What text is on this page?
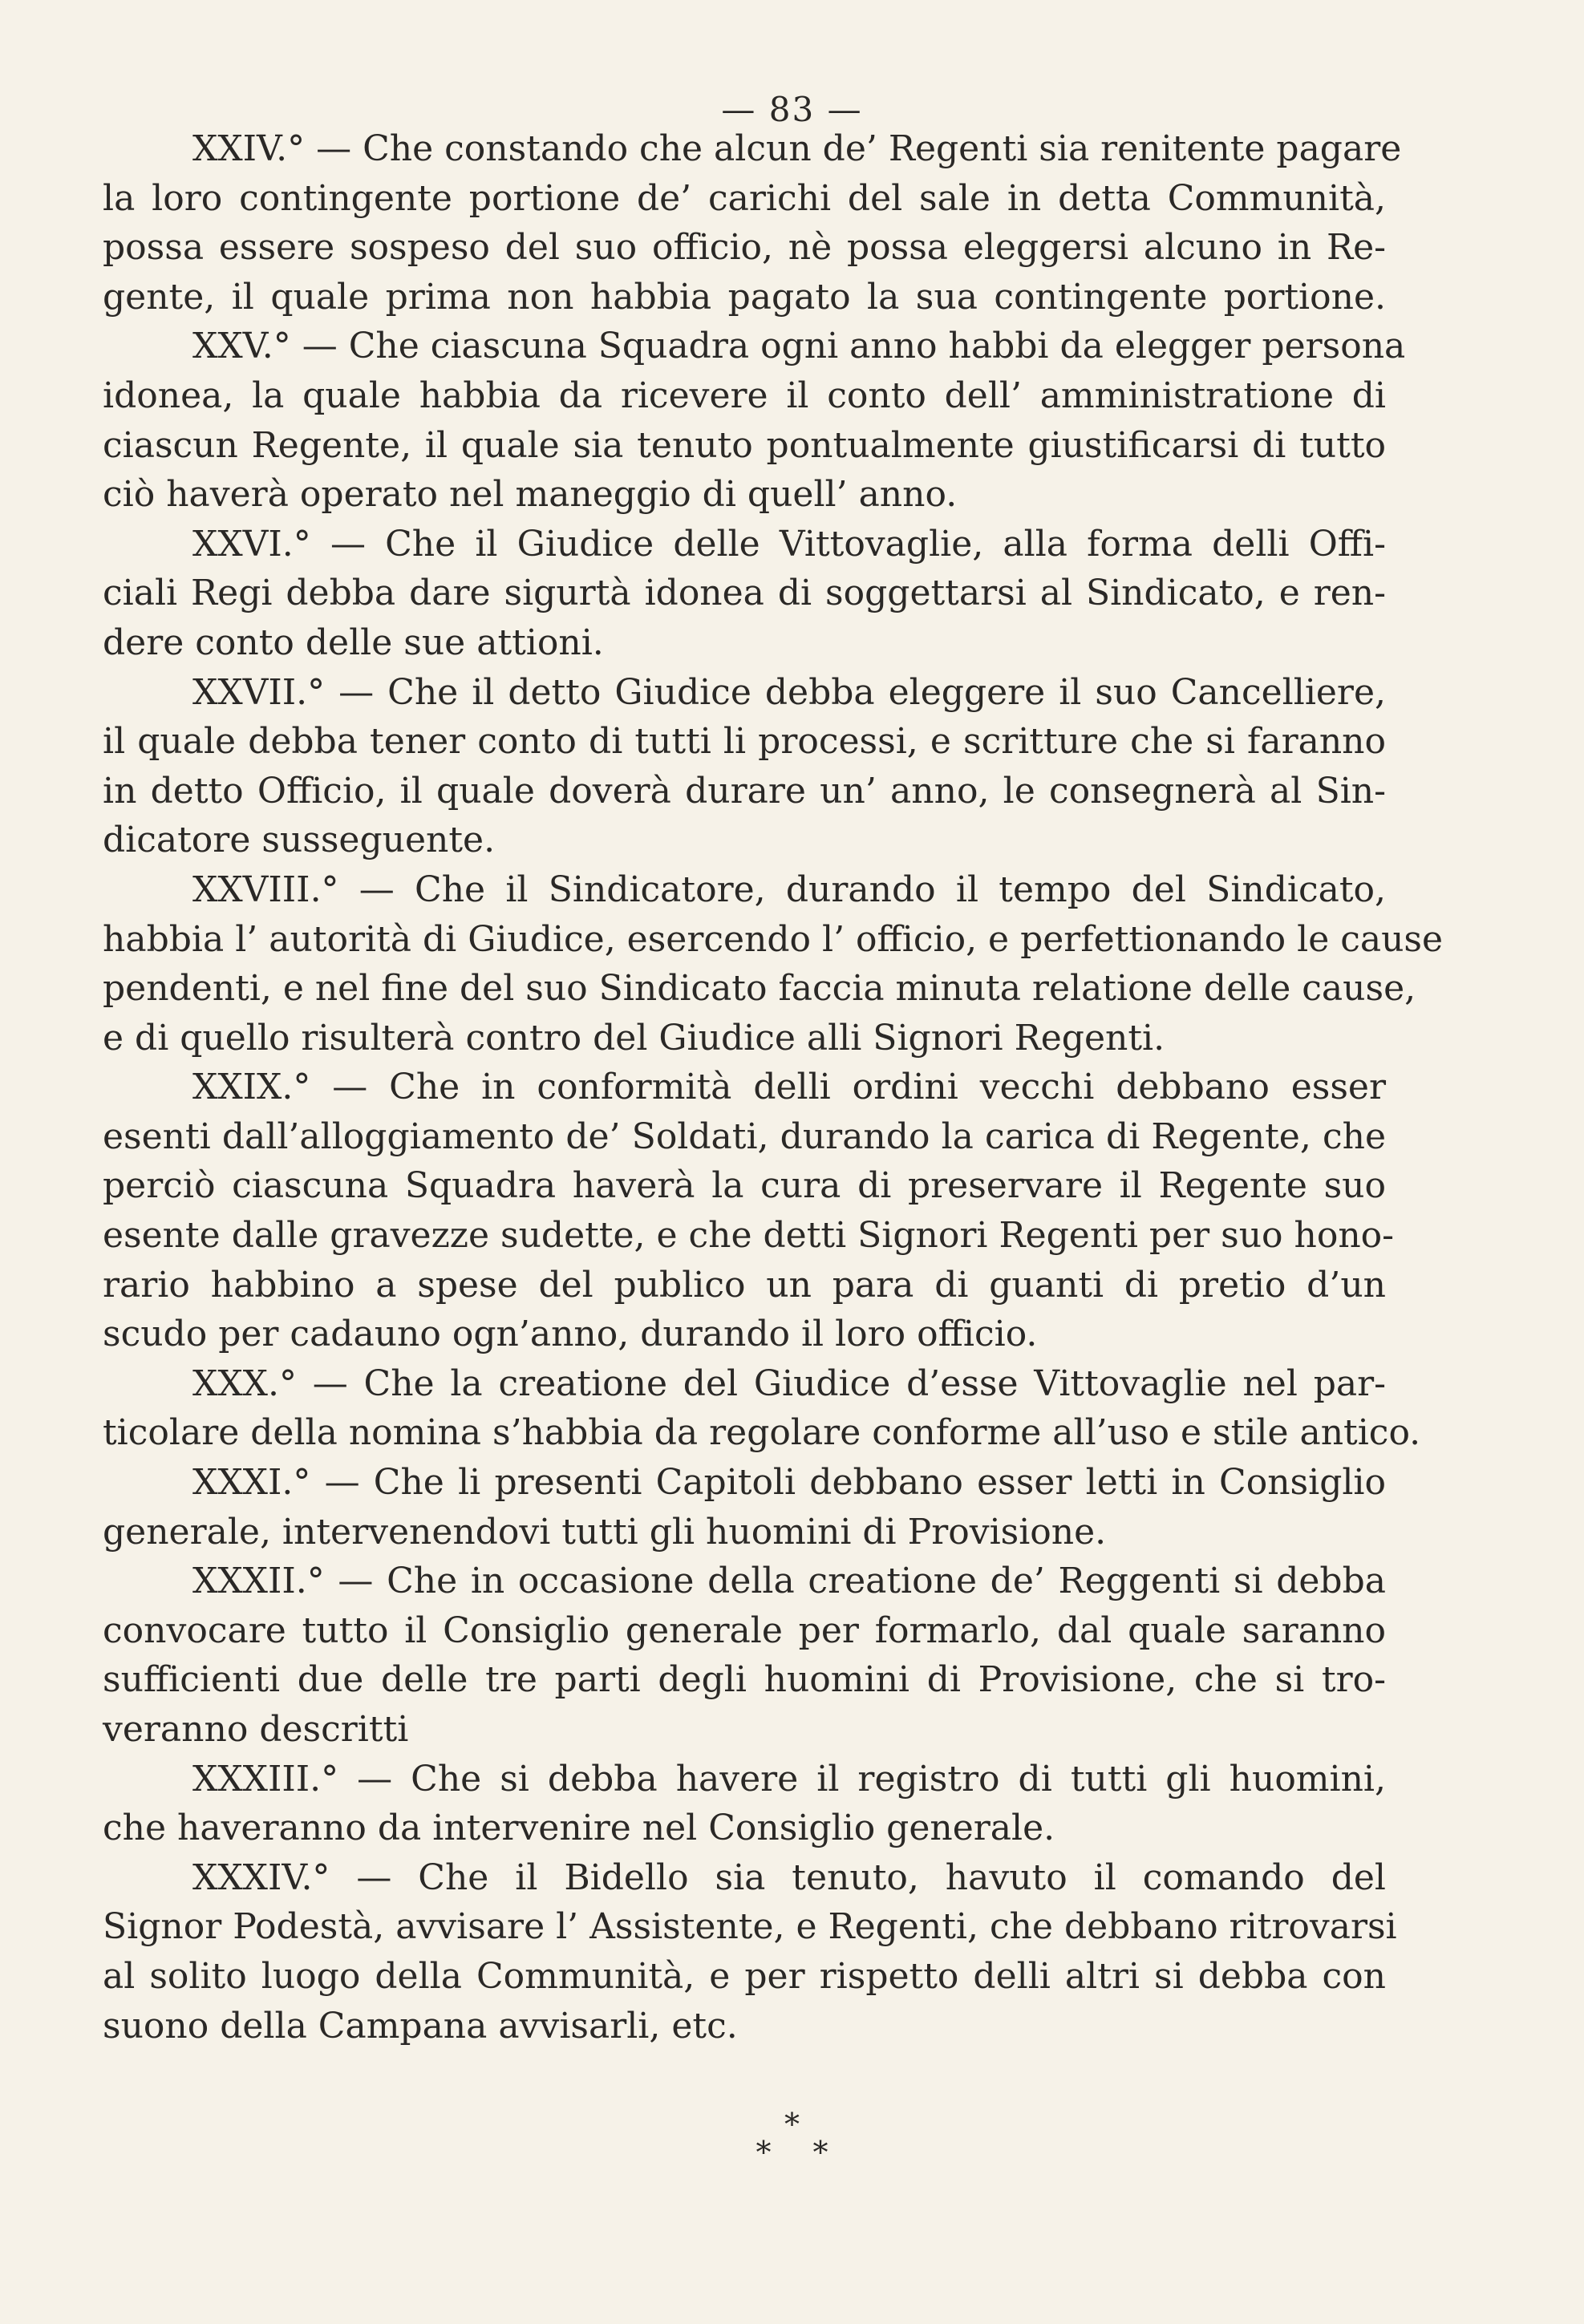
— 83 —
XXIV.° — Che constando che alcun de’ Regenti sia renitente pagare
la loro contingente portione de’ carichi del sale in detta Communità,
possa essere sospeso del suo officio, nè possa eleggersi alcuno in Re-
gente, il quale prima non habbia pagato la sua contingente portione.
XXV.° — Che ciascuna Squadra ogni anno habbi da elegger persona
idonea, la quale habbia da ricevere il conto dell’ amministratione di
ciascun Regente, il quale sia tenuto pontualmente giustificarsi di tutto
ciò haverà operato nel maneggio di quell’ anno.
XXVI.° — Che il Giudice delle Vittovaglie, alla forma delli Offi-
ciali Regi debba dare sigurtà idonea di soggettarsi al Sindicato, e ren-
dere conto delle sue attioni.
XXVII.° — Che il detto Giudice debba eleggere il suo Cancelliere,
il quale debba tener conto di tutti li processi, e scritture che si faranno
in detto Officio, il quale doverà durare un’ anno, le consegnerà al Sin-
dicatore susseguente.
XXVIII.° — Che il Sindicatore, durando il tempo del Sindicato,
habbia l’ autorità di Giudice, esercendo l’ officio, e perfettionando le cause
pendenti, e nel fine del suo Sindicato faccia minuta relatione delle cause,
e di quello risulterà contro del Giudice alli Signori Regenti.
XXIX.° — Che in conformità delli ordini vecchi debbano esser
esenti dall’alloggiamento de’ Soldati, durando la carica di Regente, che
perciò ciascuna Squadra haverà la cura di preservare il Regente suo
esente dalle gravezze sudette, e che detti Signori Regenti per suo hono-
rario habbino a spese del publico un para di guanti di pretio d’un
scudo per cadauno ogn’anno, durando il loro officio.
XXX.° — Che la creatione del Giudice d’esse Vittovaglie nel par-
ticolare della nomina s’habbia da regolare conforme all’uso e stile antico.
XXXI.° — Che li presenti Capitoli debbano esser letti in Consiglio
generale, intervenendovi tutti gli huomini di Provisione.
XXXII.° — Che in occasione della creatione de’ Reggenti si debba
convocare tutto il Consiglio generale per formarlo, dal quale saranno
sufficienti due delle tre parti degli huomini di Provisione, che si tro-
veranno descritti
XXXIII.° — Che si debba havere il registro di tutti gli huomini,
che haveranno da intervenire nel Consiglio generale.
XXXIV.° — Che il Bidello sia tenuto, havuto il comando del
Signor Podestà, avvisare l’ Assistente, e Regenti, che debbano ritrovarsi
al solito luogo della Communità, e per rispetto delli altri si debba con
suono della Campana avvisarli, etc.
*
* *
